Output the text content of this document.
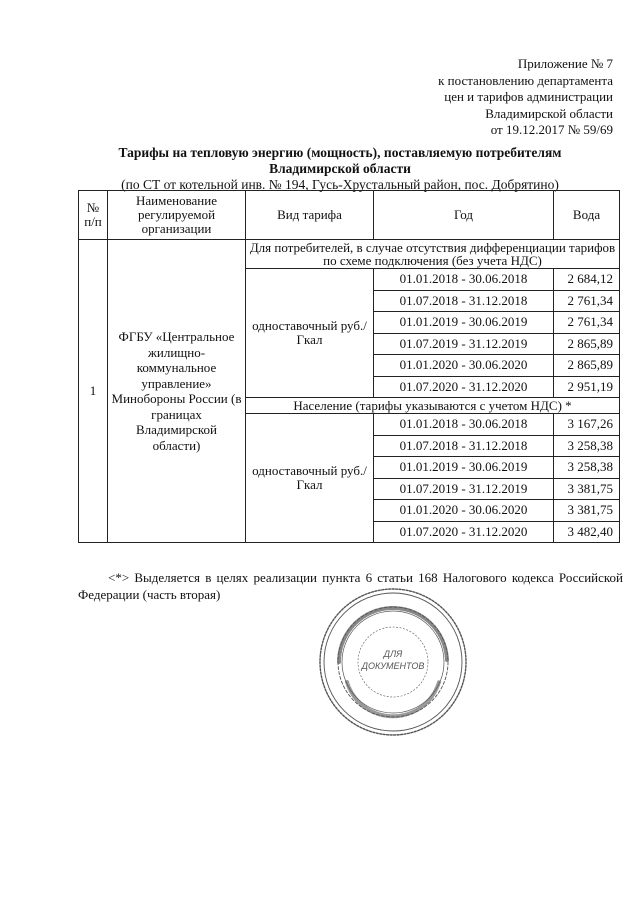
Приложение № 7
к постановлению департамента
цен и тарифов администрации
Владимирской области
от 19.12.2017 № 59/69
Тарифы на тепловую энергию (мощность), поставляемую потребителям
Владимирской области
(по СТ от котельной инв. № 194, Гусь-Хрустальный район, пос. Добрятино)
№ п/п	Наименование регулируемой организации	Вид тарифа	Год	Вода
1	ФГБУ «Центральное жилищно-коммунальное управление» Минобороны России (в границах Владимирской области)	Для потребителей, в случае отсутствия дифференциации тарифов по схеме подключения (без учета НДС)		
		одноставочный руб./Гкал	01.01.2018 - 30.06.2018	2 684,12
			01.07.2018 - 31.12.2018	2 761,34
			01.01.2019 - 30.06.2019	2 761,34
			01.07.2019 - 31.12.2019	2 865,89
			01.01.2020 - 30.06.2020	2 865,89
			01.07.2020 - 31.12.2020	2 951,19
		Население (тарифы указываются с учетом НДС) *		
		одноставочный руб./Гкал	01.01.2018 - 30.06.2018	3 167,26
			01.07.2018 - 31.12.2018	3 258,38
			01.01.2019 - 30.06.2019	3 258,38
			01.07.2019 - 31.12.2019	3 381,75
			01.01.2020 - 30.06.2020	3 381,75
			01.07.2020 - 31.12.2020	3 482,40
<*> Выделяется в целях реализации пункта 6 статьи 168 Налогового кодекса Российской Федерации (часть вторая)
ДЛЯ
ДОКУМЕНТОВ
